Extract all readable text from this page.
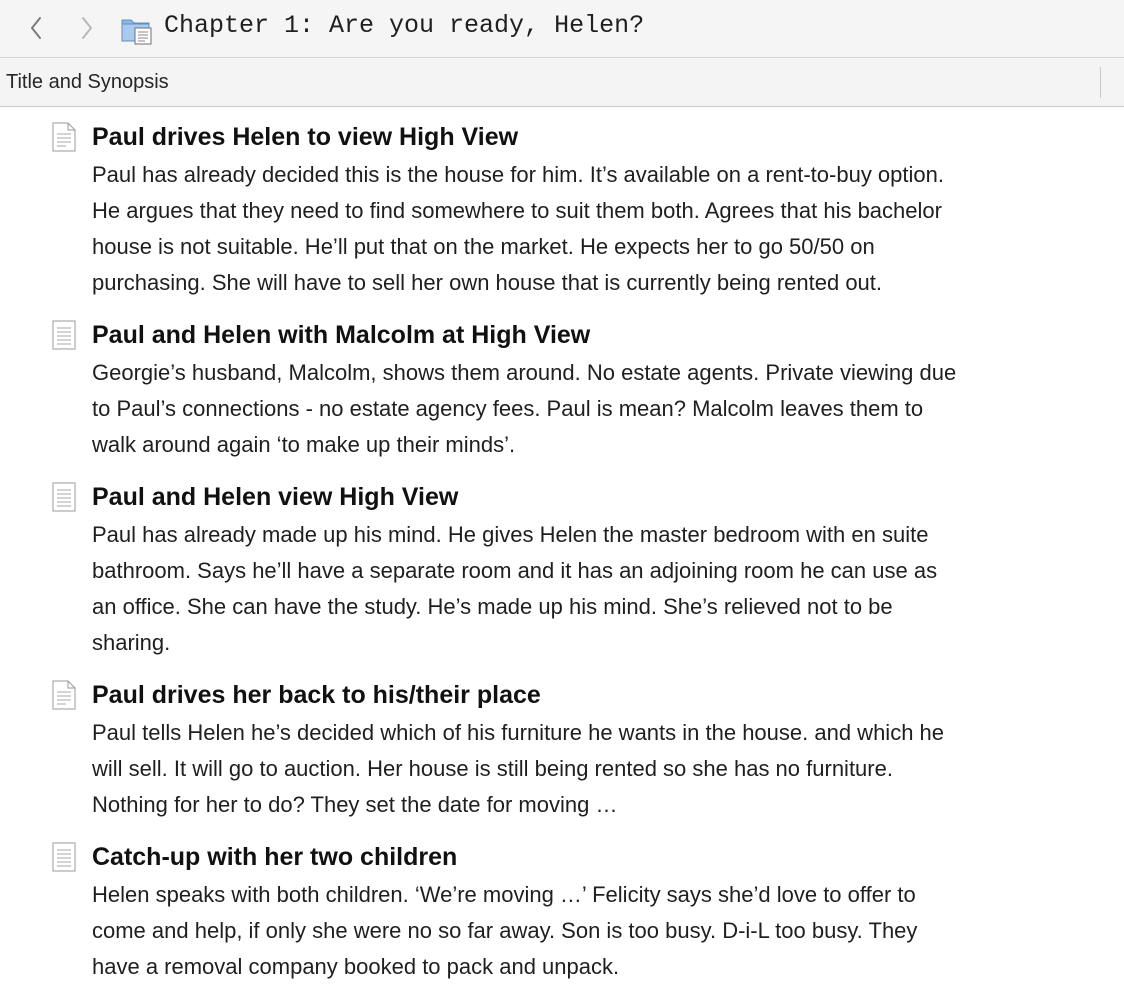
Chapter 1: Are you ready, Helen?
Title and Synopsis
Paul drives Helen to view High View
Paul has already decided this is the house for him. It’s available on a rent-to-buy option.
He argues that they need to find somewhere to suit them both. Agrees that his bachelor
house is not suitable. He’ll put that on the market. He expects her to go 50/50 on
purchasing. She will have to sell her own house that is currently being rented out.
Paul and Helen with Malcolm at High View
Georgie’s husband, Malcolm, shows them around. No estate agents. Private viewing due
to Paul’s connections - no estate agency fees. Paul is mean? Malcolm leaves them to
walk around again ‘to make up their minds’.
Paul and Helen view High View
Paul has already made up his mind. He gives Helen the master bedroom with en suite
bathroom. Says he’ll have a separate room and it has an adjoining room he can use as
an office. She can have the study. He’s made up his mind. She’s relieved not to be
sharing.
Paul drives her back to his/their place
Paul tells Helen he’s decided which of his furniture he wants in the house. and which he
will sell. It will go to auction. Her house is still being rented so she has no furniture.
Nothing for her to do? They set the date for moving …
Catch-up with her two children
Helen speaks with both children. ‘We’re moving …’ Felicity says she’d love to offer to
come and help, if only she were no so far away. Son is too busy. D-i-L too busy. They
have a removal company booked to pack and unpack.
